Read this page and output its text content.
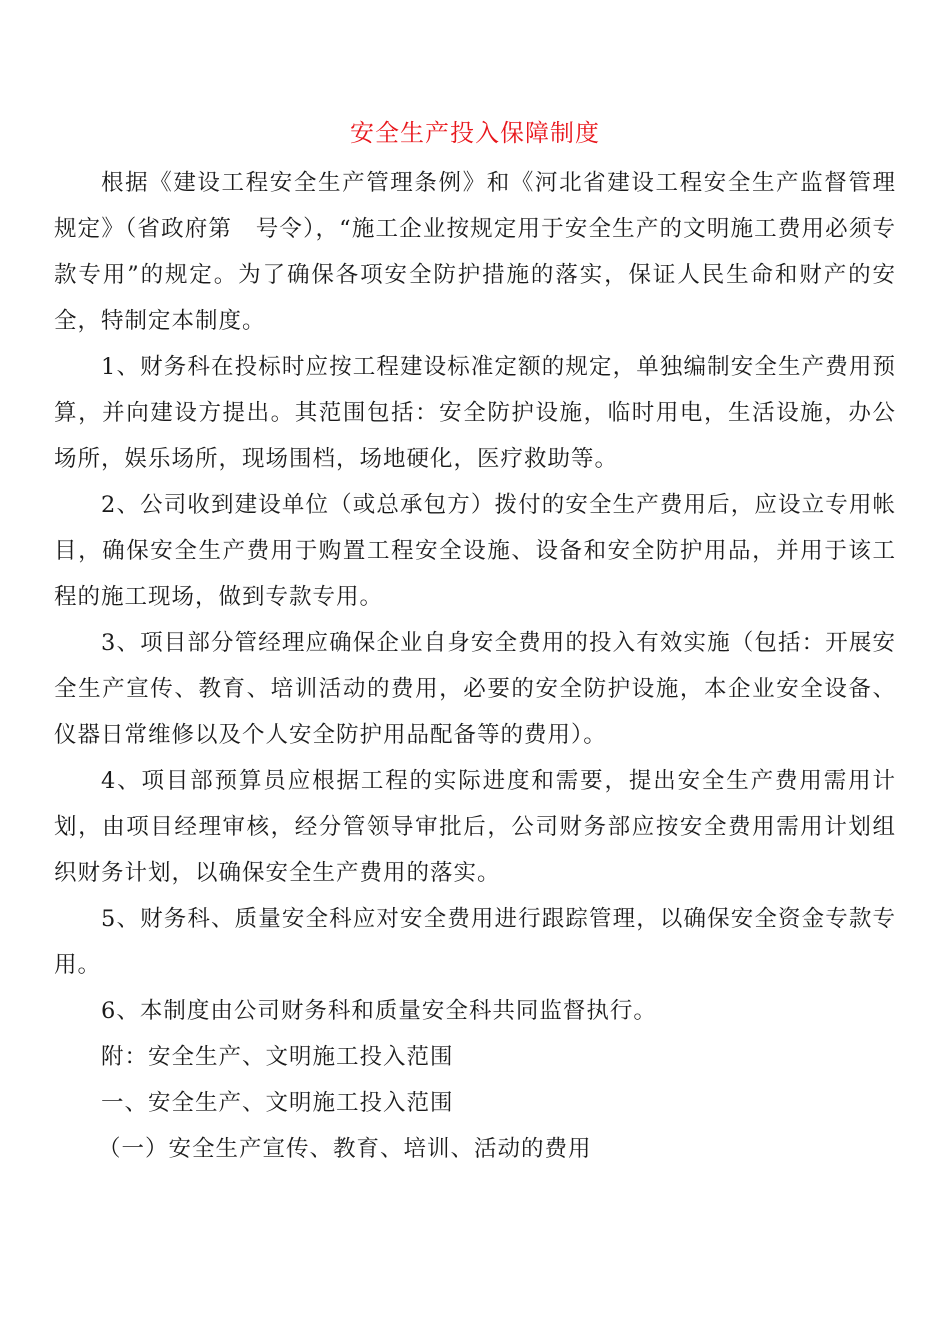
安全生产投入保障制度

根据《建设工程安全生产管理条例》和《河北省建设工程安全生产监督管理规定》（省政府第　号令），“施工企业按规定用于安全生产的文明施工费用必须专款专用”的规定。为了确保各项安全防护措施的落实，保证人民生命和财产的安全，特制定本制度。

1、财务科在投标时应按工程建设标准定额的规定，单独编制安全生产费用预算，并向建设方提出。其范围包括：安全防护设施，临时用电，生活设施，办公场所，娱乐场所，现场围档，场地硬化，医疗救助等。

2、公司收到建设单位（或总承包方）拨付的安全生产费用后，应设立专用帐目，确保安全生产费用于购置工程安全设施、设备和安全防护用品，并用于该工程的施工现场，做到专款专用。

3、项目部分管经理应确保企业自身安全费用的投入有效实施（包括：开展安全生产宣传、教育、培训活动的费用，必要的安全防护设施，本企业安全设备、仪器日常维修以及个人安全防护用品配备等的费用）。

4、项目部预算员应根据工程的实际进度和需要，提出安全生产费用需用计划，由项目经理审核，经分管领导审批后，公司财务部应按安全费用需用计划组织财务计划，以确保安全生产费用的落实。

5、财务科、质量安全科应对安全费用进行跟踪管理，以确保安全资金专款专用。

6、本制度由公司财务科和质量安全科共同监督执行。

附：安全生产、文明施工投入范围

一、安全生产、文明施工投入范围

（一）安全生产宣传、教育、培训、活动的费用
